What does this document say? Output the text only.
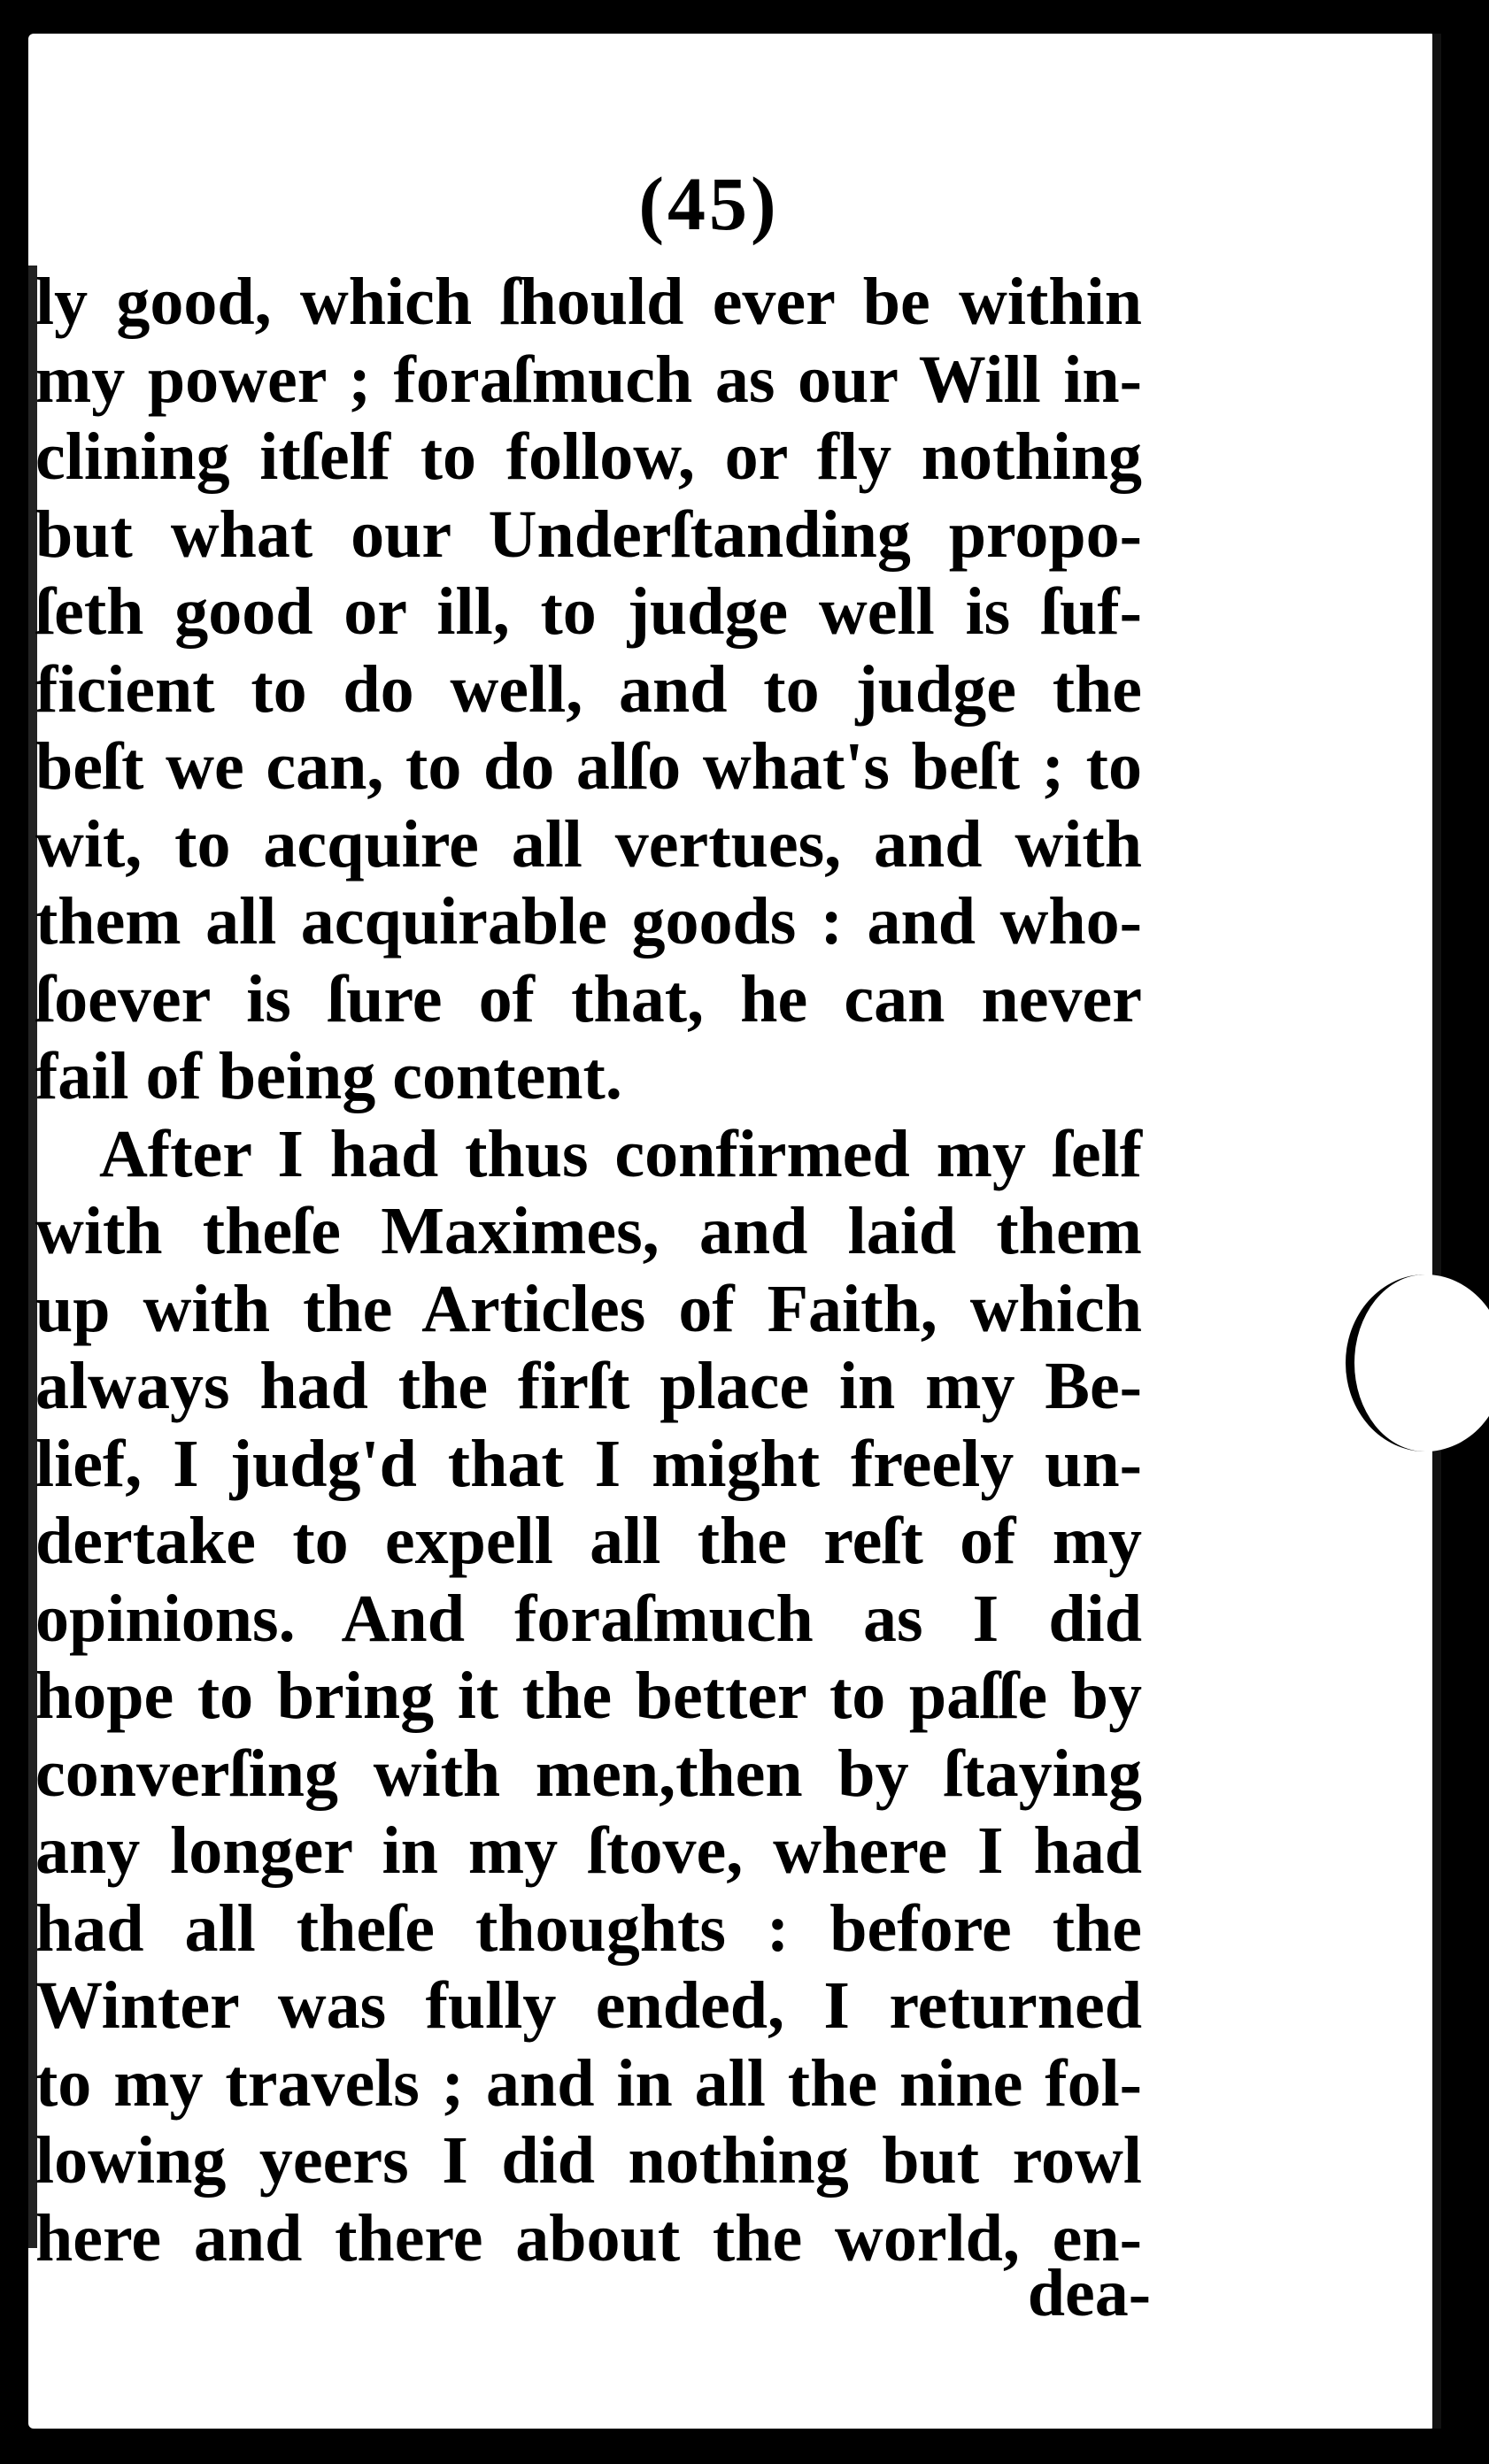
(45)
ly good, which ſhould ever be within
my power ; foraſmuch as our Will in-
clining itſelf to follow, or fly nothing
but what our Underſtanding propo-
ſeth good or ill, to judge well is ſuf-
ficient to do well, and to judge the
beſt we can, to do alſo what's beſt ; to
wit, to acquire all vertues, and with
them all acquirable goods : and who-
ſoever is ſure of that, he can never
fail of being content.
After I had thus confirmed my ſelf
with theſe Maximes, and laid them
up with the Articles of Faith, which
always had the firſt place in my Be-
lief, I judg'd that I might freely un-
dertake to expell all the reſt of my
opinions. And foraſmuch as I did
hope to bring it the better to paſſe by
converſing with men,then by ſtaying
any longer in my ſtove, where I had
had all theſe thoughts : before the
Winter was fully ended, I returned
to my travels ; and in all the nine fol-
lowing yeers I did nothing but rowl
here and there about the world, en-
dea-
